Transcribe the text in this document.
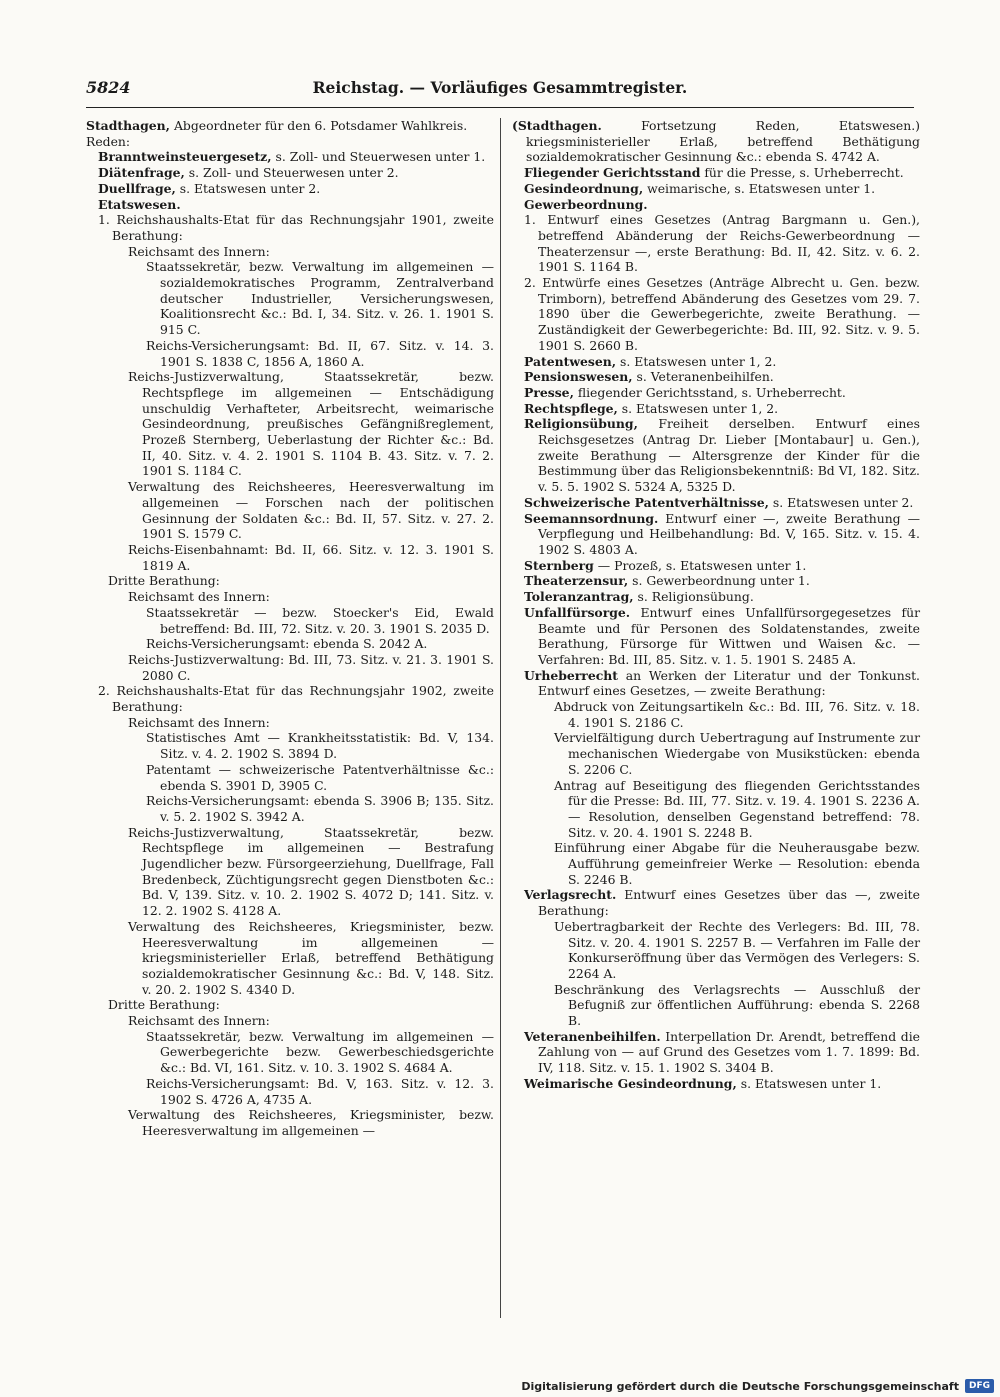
5824	Reichstag. — Vorläufiges Gesammtregister.

Stadthagen, Abgeordneter für den 6. Potsdamer Wahlkreis.

Reden:

Branntweinsteuergesetz, s. Zoll- und Steuerwesen unter 1.

Diätenfrage, s. Zoll- und Steuerwesen unter 2.

Duellfrage, s. Etatswesen unter 2.

Etatswesen.

1. Reichshaushalts-Etat für das Rechnungsjahr 1901, zweite Berathung:

Reichsamt des Innern:

Staatssekretär, bezw. Verwaltung im allgemeinen — sozialdemokratisches Programm, Zentralverband deutscher Industrieller, Versicherungswesen, Koalitionsrecht &c.: Bd. I, 34. Sitz. v. 26. 1. 1901 S. 915 C.

Reichs-Versicherungsamt: Bd. II, 67. Sitz. v. 14. 3. 1901 S. 1838 C, 1856 A, 1860 A.

Reichs-Justizverwaltung, Staatssekretär, bezw. Rechtspflege im allgemeinen — Entschädigung unschuldig Verhafteter, Arbeitsrecht, weimarische Gesindeordnung, preußisches Gefängnißreglement, Prozeß Sternberg, Ueberlastung der Richter &c.: Bd. II, 40. Sitz. v. 4. 2. 1901 S. 1104 B. 43. Sitz. v. 7. 2. 1901 S. 1184 C.

Verwaltung des Reichsheeres, Heeresverwaltung im allgemeinen — Forschen nach der politischen Gesinnung der Soldaten &c.: Bd. II, 57. Sitz. v. 27. 2. 1901 S. 1579 C.

Reichs-Eisenbahnamt: Bd. II, 66. Sitz. v. 12. 3. 1901 S. 1819 A.

Dritte Berathung:

Reichsamt des Innern:

Staatssekretär — bezw. Stoecker's Eid, Ewald betreffend: Bd. III, 72. Sitz. v. 20. 3. 1901 S. 2035 D.

Reichs-Versicherungsamt: ebenda S. 2042 A.

Reichs-Justizverwaltung: Bd. III, 73. Sitz. v. 21. 3. 1901 S. 2080 C.

2. Reichshaushalts-Etat für das Rechnungsjahr 1902, zweite Berathung:

Reichsamt des Innern:

Statistisches Amt — Krankheitsstatistik: Bd. V, 134. Sitz. v. 4. 2. 1902 S. 3894 D.

Patentamt — schweizerische Patentverhältnisse &c.: ebenda S. 3901 D, 3905 C.

Reichs-Versicherungsamt: ebenda S. 3906 B; 135. Sitz. v. 5. 2. 1902 S. 3942 A.

Reichs-Justizverwaltung, Staatssekretär, bezw. Rechtspflege im allgemeinen — Bestrafung Jugendlicher bezw. Fürsorgeerziehung, Duellfrage, Fall Bredenbeck, Züchtigungsrecht gegen Dienstboten &c.: Bd. V, 139. Sitz. v. 10. 2. 1902 S. 4072 D; 141. Sitz. v. 12. 2. 1902 S. 4128 A.

Verwaltung des Reichsheeres, Kriegsminister, bezw. Heeresverwaltung im allgemeinen — kriegsministerieller Erlaß, betreffend Bethätigung sozialdemokratischer Gesinnung &c.: Bd. V, 148. Sitz. v. 20. 2. 1902 S. 4340 D.

Dritte Berathung:

Reichsamt des Innern:

Staatssekretär, bezw. Verwaltung im allgemeinen — Gewerbegerichte bezw. Gewerbeschiedsgerichte &c.: Bd. VI, 161. Sitz. v. 10. 3. 1902 S. 4684 A.

Reichs-Versicherungsamt: Bd. V, 163. Sitz. v. 12. 3. 1902 S. 4726 A, 4735 A.

Verwaltung des Reichsheeres, Kriegsminister, bezw. Heeresverwaltung im allgemeinen —

(Stadthagen. Fortsetzung Reden, Etatswesen.) kriegsministerieller Erlaß, betreffend Bethätigung sozialdemokratischer Gesinnung &c.: ebenda S. 4742 A.

Fliegender Gerichtsstand für die Presse, s. Urheberrecht.

Gesindeordnung, weimarische, s. Etatswesen unter 1.

Gewerbeordnung.

1. Entwurf eines Gesetzes (Antrag Bargmann u. Gen.), betreffend Abänderung der Reichs-Gewerbeordnung — Theaterzensur —, erste Berathung: Bd. II, 42. Sitz. v. 6. 2. 1901 S. 1164 B.

2. Entwürfe eines Gesetzes (Anträge Albrecht u. Gen. bezw. Trimborn), betreffend Abänderung des Gesetzes vom 29. 7. 1890 über die Gewerbegerichte, zweite Berathung. — Zuständigkeit der Gewerbegerichte: Bd. III, 92. Sitz. v. 9. 5. 1901 S. 2660 B.

Patentwesen, s. Etatswesen unter 1, 2.

Pensionswesen, s. Veteranenbeihilfen.

Presse, fliegender Gerichtsstand, s. Urheberrecht.

Rechtspflege, s. Etatswesen unter 1, 2.

Religionsübung, Freiheit derselben. Entwurf eines Reichsgesetzes (Antrag Dr. Lieber [Montabaur] u. Gen.), zweite Berathung — Altersgrenze der Kinder für die Bestimmung über das Religionsbekenntniß: Bd VI, 182. Sitz. v. 5. 5. 1902 S. 5324 A, 5325 D.

Schweizerische Patentverhältnisse, s. Etatswesen unter 2.

Seemannsordnung. Entwurf einer —, zweite Berathung — Verpflegung und Heilbehandlung: Bd. V, 165. Sitz. v. 15. 4. 1902 S. 4803 A.

Sternberg — Prozeß, s. Etatswesen unter 1.

Theaterzensur, s. Gewerbeordnung unter 1.

Toleranzantrag, s. Religionsübung.

Unfallfürsorge. Entwurf eines Unfallfürsorgegesetzes für Beamte und für Personen des Soldatenstandes, zweite Berathung, Fürsorge für Wittwen und Waisen &c. — Verfahren: Bd. III, 85. Sitz. v. 1. 5. 1901 S. 2485 A.

Urheberrecht an Werken der Literatur und der Tonkunst. Entwurf eines Gesetzes, — zweite Berathung:

Abdruck von Zeitungsartikeln &c.: Bd. III, 76. Sitz. v. 18. 4. 1901 S. 2186 C.

Vervielfältigung durch Uebertragung auf Instrumente zur mechanischen Wiedergabe von Musikstücken: ebenda S. 2206 C.

Antrag auf Beseitigung des fliegenden Gerichtsstandes für die Presse: Bd. III, 77. Sitz. v. 19. 4. 1901 S. 2236 A. — Resolution, denselben Gegenstand betreffend: 78. Sitz. v. 20. 4. 1901 S. 2248 B.

Einführung einer Abgabe für die Neuherausgabe bezw. Aufführung gemeinfreier Werke — Resolution: ebenda S. 2246 B.

Verlagsrecht. Entwurf eines Gesetzes über das —, zweite Berathung:

Uebertragbarkeit der Rechte des Verlegers: Bd. III, 78. Sitz. v. 20. 4. 1901 S. 2257 B. — Verfahren im Falle der Konkurseröffnung über das Vermögen des Verlegers: S. 2264 A.

Beschränkung des Verlagsrechts — Ausschluß der Befugniß zur öffentlichen Aufführung: ebenda S. 2268 B.

Veteranenbeihilfen. Interpellation Dr. Arendt, betreffend die Zahlung von — auf Grund des Gesetzes vom 1. 7. 1899: Bd. IV, 118. Sitz. v. 15. 1. 1902 S. 3404 B.

Weimarische Gesindeordnung, s. Etatswesen unter 1.

Digitalisierung gefördert durch die Deutsche Forschungsgemeinschaft	DFG
